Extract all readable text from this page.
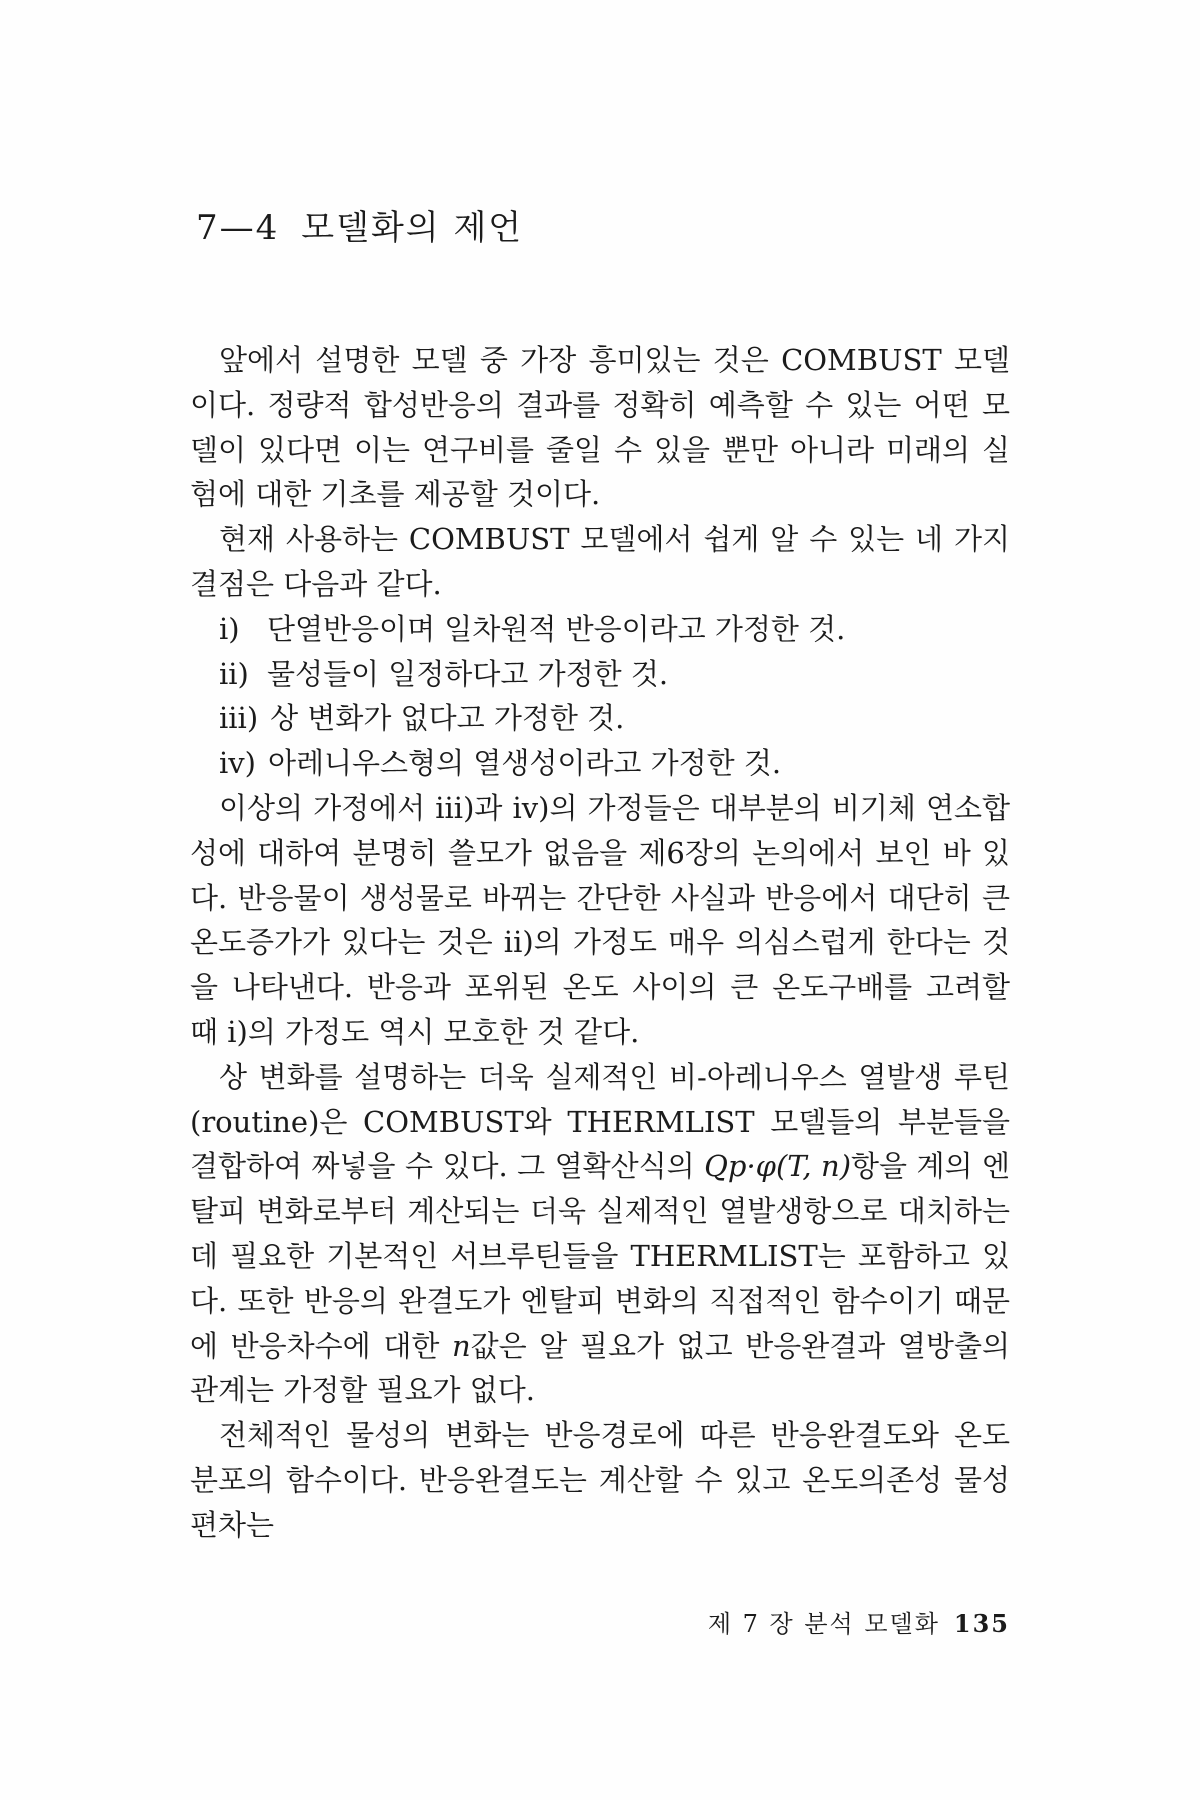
7—4 모델화의 제언

앞에서 설명한 모델 중 가장 흥미있는 것은 COMBUST 모델이다. 정량적 합성반응의 결과를 정확히 예측할 수 있는 어떤 모델이 있다면 이는 연구비를 줄일 수 있을 뿐만 아니라 미래의 실험에 대한 기초를 제공할 것이다.

현재 사용하는 COMBUST 모델에서 쉽게 알 수 있는 네 가지 결점은 다음과 같다.

i) 단열반응이며 일차원적 반응이라고 가정한 것.
ii) 물성들이 일정하다고 가정한 것.
iii) 상 변화가 없다고 가정한 것.
iv) 아레니우스형의 열생성이라고 가정한 것.

이상의 가정에서 iii)과 iv)의 가정들은 대부분의 비기체 연소합성에 대하여 분명히 쓸모가 없음을 제6장의 논의에서 보인 바 있다. 반응물이 생성물로 바뀌는 간단한 사실과 반응에서 대단히 큰 온도증가가 있다는 것은 ii)의 가정도 매우 의심스럽게 한다는 것을 나타낸다. 반응과 포위된 온도 사이의 큰 온도구배를 고려할 때 i)의 가정도 역시 모호한 것 같다.

상 변화를 설명하는 더욱 실제적인 비-아레니우스 열발생 루틴(routine)은 COMBUST와 THERMLIST 모델들의 부분들을 결합하여 짜넣을 수 있다. 그 열확산식의 Qp·φ(T, n)항을 계의 엔탈피 변화로부터 계산되는 더욱 실제적인 열발생항으로 대치하는 데 필요한 기본적인 서브루틴들을 THERMLIST는 포함하고 있다. 또한 반응의 완결도가 엔탈피 변화의 직접적인 함수이기 때문에 반응차수에 대한 n값은 알 필요가 없고 반응완결과 열방출의 관계는 가정할 필요가 없다.

전체적인 물성의 변화는 반응경로에 따른 반응완결도와 온도 분포의 함수이다. 반응완결도는 계산할 수 있고 온도의존성 물성편차는

제 7 장 분석 모델화 135
